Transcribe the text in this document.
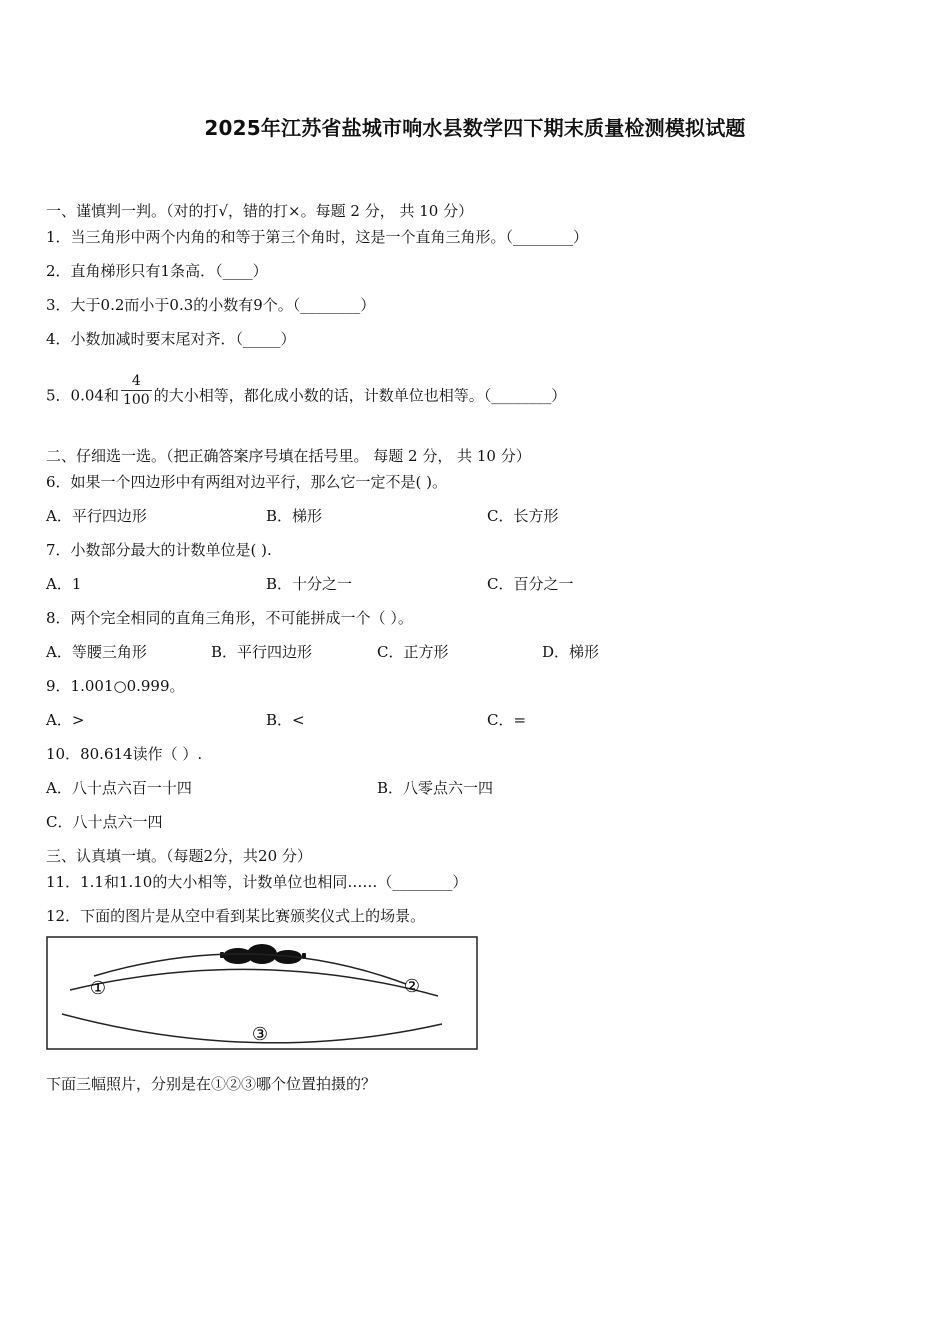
2025年江苏省盐城市响水县数学四下期末质量检测模拟试题
一、谨慎判一判。（对的打√，错的打×。每题 2 分， 共 10 分）
1．当三角形中两个内角的和等于第三个角时，这是一个直角三角形。（________）
2．直角梯形只有1条高．（____）
3．大于0.2而小于0.3的小数有9个。（________）
4．小数加减时要末尾对齐．（_____）
5．0.04和 $\frac{4}{100}$ 的大小相等，都化成小数的话，计数单位也相等。（________）
二、仔细选一选。（把正确答案序号填在括号里。 每题 2 分， 共 10 分）
6．如果一个四边形中有两组对边平行，那么它一定不是( )。
A．平行四边形	B．梯形	C．长方形
7．小数部分最大的计数单位是( ).
A．1	B．十分之一	C．百分之一
8．两个完全相同的直角三角形，不可能拼成一个（ ）。
A．等腰三角形	B．平行四边形	C．正方形	D．梯形
9．1.001○0.999。
A．>	B．<	C．=
10．80.614读作（ ）.
A．八十点六百一十四	B．八零点六一四
C．八十点六一四
三、认真填一填。（每题2分，共20 分）
11．1.1和1.10的大小相等，计数单位也相同……（________）
12．下面的图片是从空中看到某比赛颁奖仪式上的场景。
①	②
③
下面三幅照片，分别是在①②③哪个位置拍摄的？
